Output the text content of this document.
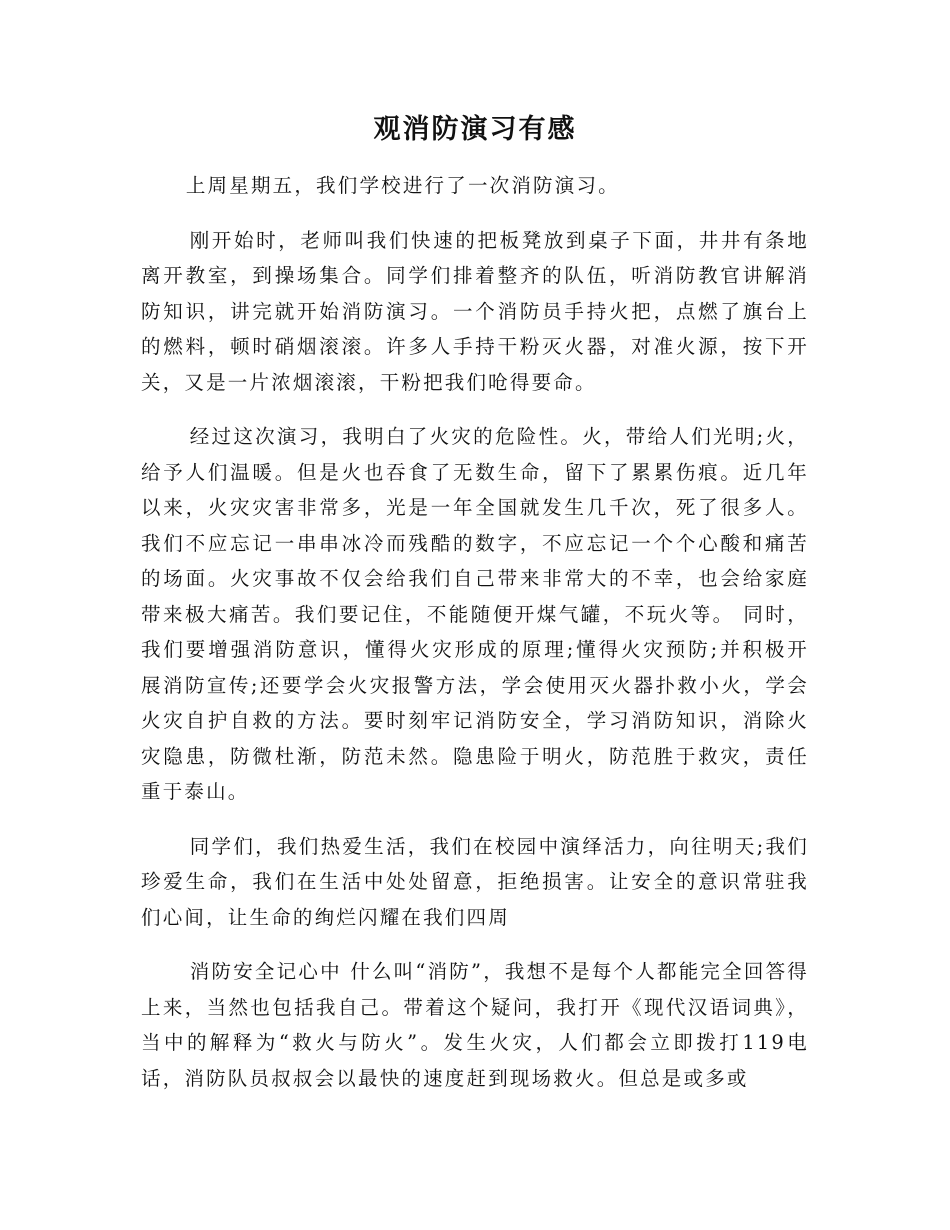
观消防演习有感

上周星期五，我们学校进行了一次消防演习。

刚开始时，老师叫我们快速的把板凳放到桌子下面，井井有条地离开教室，到操场集合。同学们排着整齐的队伍，听消防教官讲解消防知识，讲完就开始消防演习。一个消防员手持火把，点燃了旗台上的燃料，顿时硝烟滚滚。许多人手持干粉灭火器，对准火源，按下开关，又是一片浓烟滚滚，干粉把我们呛得要命。

经过这次演习，我明白了火灾的危险性。火，带给人们光明;火，给予人们温暖。但是火也吞食了无数生命，留下了累累伤痕。近几年以来，火灾灾害非常多，光是一年全国就发生几千次，死了很多人。我们不应忘记一串串冰冷而残酷的数字，不应忘记一个个心酸和痛苦的场面。火灾事故不仅会给我们自己带来非常大的不幸，也会给家庭带来极大痛苦。我们要记住，不能随便开煤气罐，不玩火等。 同时，我们要增强消防意识，懂得火灾形成的原理;懂得火灾预防;并积极开展消防宣传;还要学会火灾报警方法，学会使用灭火器扑救小火，学会火灾自护自救的方法。要时刻牢记消防安全，学习消防知识，消除火灾隐患，防微杜渐，防范未然。隐患险于明火，防范胜于救灾，责任重于泰山。

同学们，我们热爱生活，我们在校园中演绎活力，向往明天;我们珍爱生命，我们在生活中处处留意，拒绝损害。让安全的意识常驻我们心间，让生命的绚烂闪耀在我们四周

消防安全记心中 什么叫“消防”，我想不是每个人都能完全回答得上来，当然也包括我自己。带着这个疑问，我打开《现代汉语词典》，当中的解释为“救火与防火”。发生火灾，人们都会立即拨打119电话，消防队员叔叔会以最快的速度赶到现场救火。但总是或多或
